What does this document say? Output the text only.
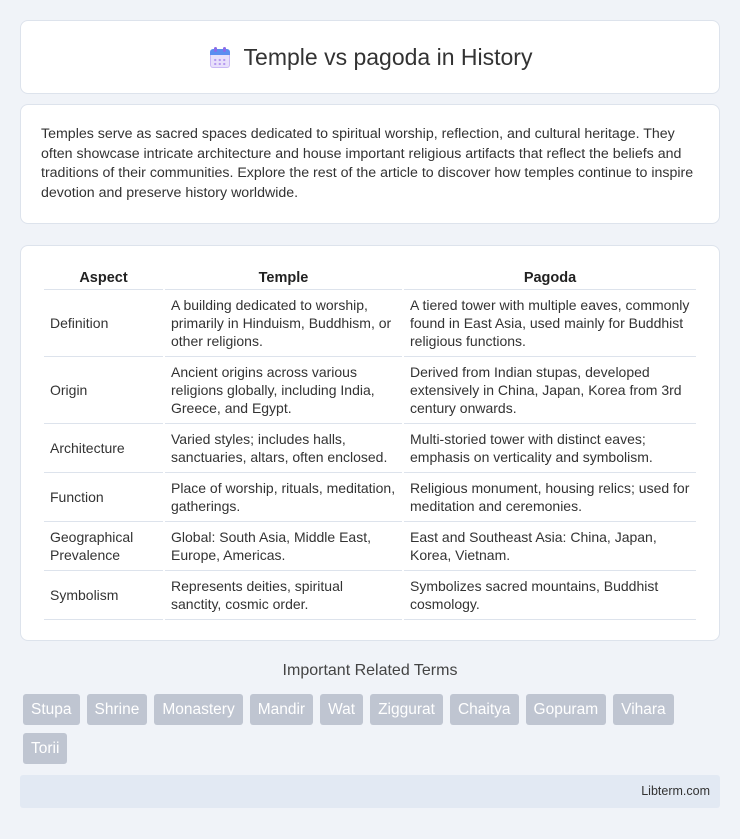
Temple vs pagoda in History

Temples serve as sacred spaces dedicated to spiritual worship, reflection, and cultural heritage. They often showcase intricate architecture and house important religious artifacts that reflect the beliefs and traditions of their communities. Explore the rest of the article to discover how temples continue to inspire devotion and preserve history worldwide.

Aspect	Temple	Pagoda
Definition	A building dedicated to worship, primarily in Hinduism, Buddhism, or other religions.	A tiered tower with multiple eaves, commonly found in East Asia, used mainly for Buddhist religious functions.
Origin	Ancient origins across various religions globally, including India, Greece, and Egypt.	Derived from Indian stupas, developed extensively in China, Japan, Korea from 3rd century onwards.
Architecture	Varied styles; includes halls, sanctuaries, altars, often enclosed.	Multi-storied tower with distinct eaves; emphasis on verticality and symbolism.
Function	Place of worship, rituals, meditation, gatherings.	Religious monument, housing relics; used for meditation and ceremonies.
Geographical Prevalence	Global: South Asia, Middle East, Europe, Americas.	East and Southeast Asia: China, Japan, Korea, Vietnam.
Symbolism	Represents deities, spiritual sanctity, cosmic order.	Symbolizes sacred mountains, Buddhist cosmology.
Important Related Terms
Stupa	Shrine	Monastery	Mandir	Wat	Ziggurat	Chaitya	Gopuram	Vihara
Torii
Libterm.com
